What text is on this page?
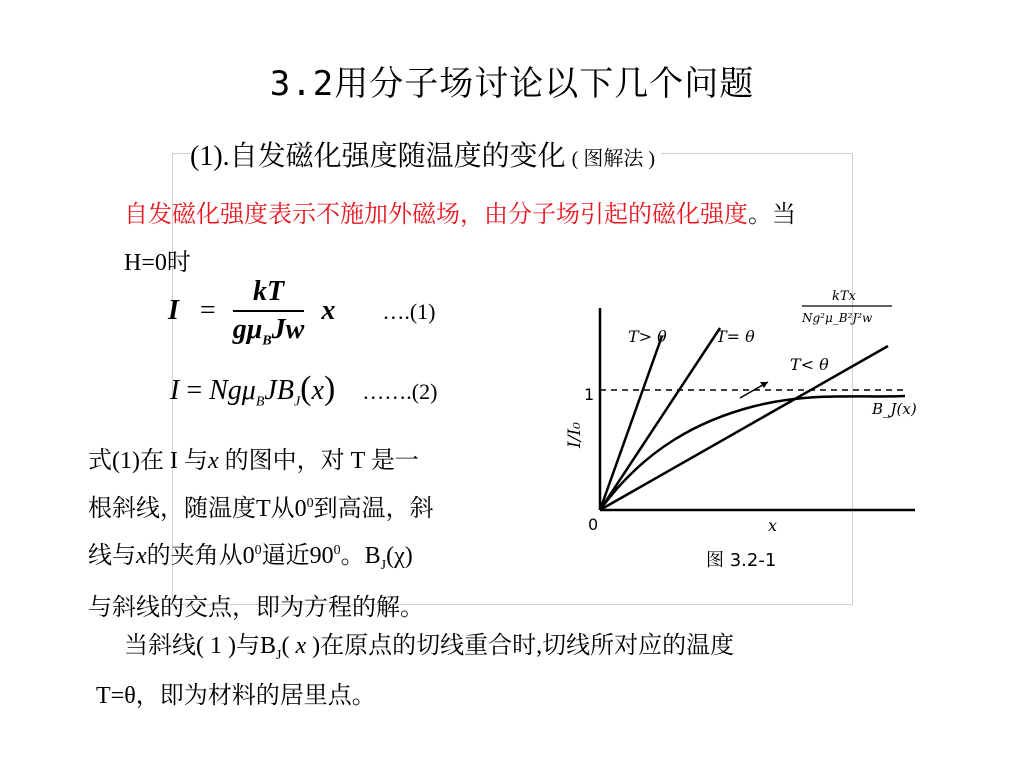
3.2用分子场讨论以下几个问题
(1).自发磁化强度随温度的变化 ( 图解法 )
自发磁化强度表示不施加外磁场，由分子场引起的磁化强度。当
H=0时
$I = \frac{kT}{g\mu_BJw}$ x ….(1)
$I = Ng\mu_BJB_J(x)$ …….(2)
式(1)在 I 与x 的图中，对 T 是一
根斜线，随温度T从$0^0$到高温，斜
线与x的夹角从$0^0$逼近$90^0$。$B_J(\chi)$
与斜线的交点，即为方程的解。
1
0	x
I/I₀
T> θ	T= θ
T< θ
B_J(x)
kTx
Ng²μ_B²J²w
图 3.2-1

当斜线( 1 )与$B_J$( x )在原点的切线重合时,切线所对应的温度

T=θ，即为材料的居里点。
